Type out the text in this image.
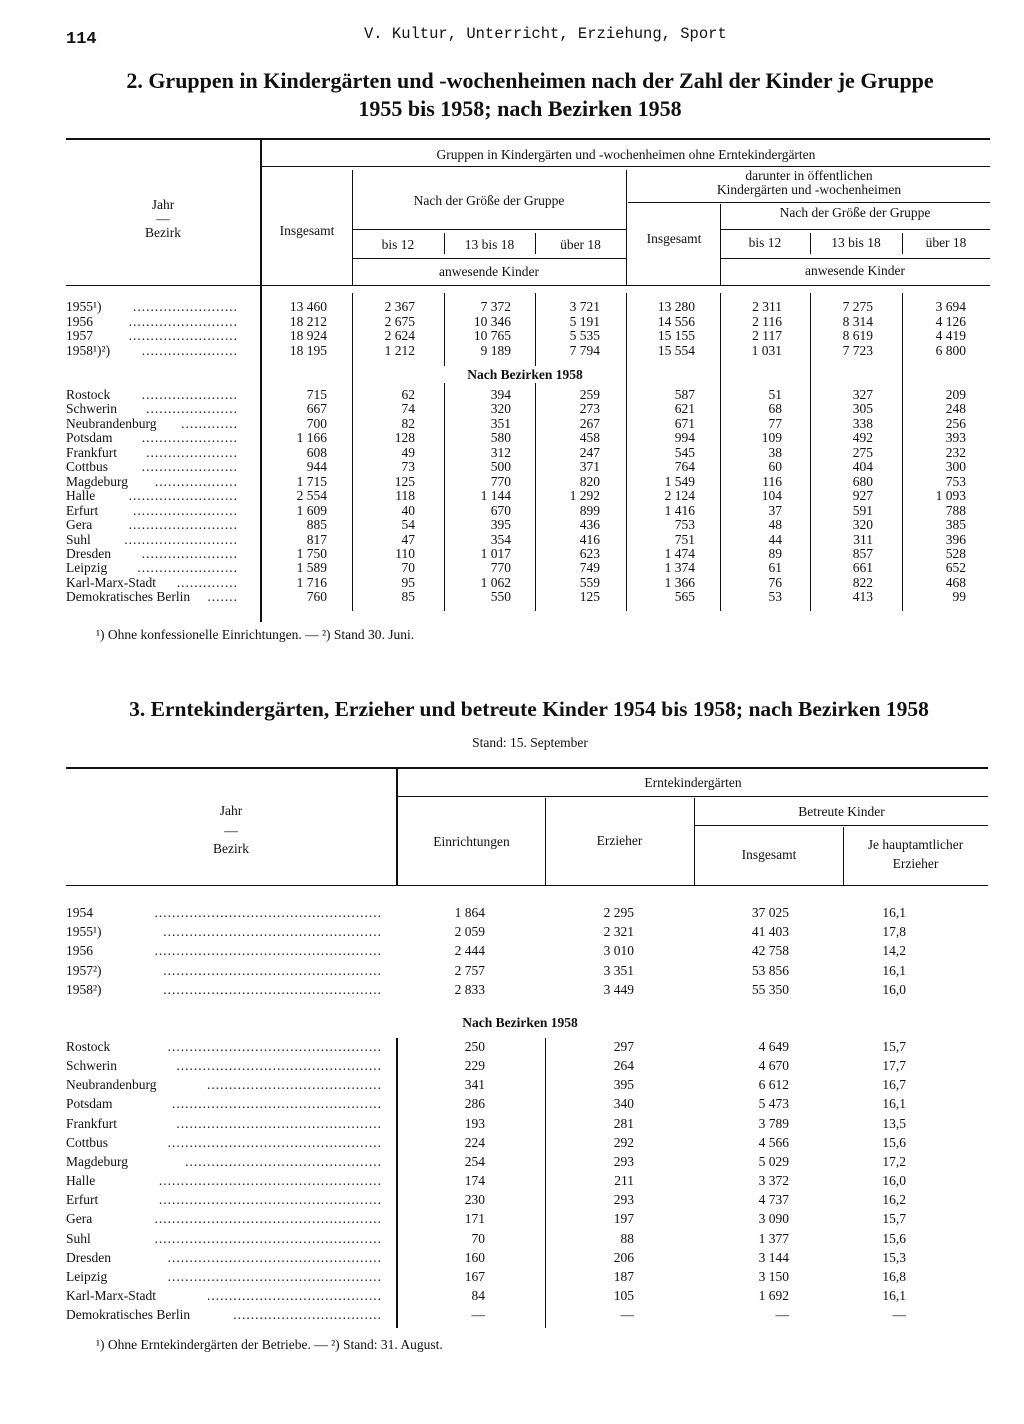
114	V. Kultur, Unterricht, Erziehung, Sport
2. Gruppen in Kindergärten und -wochenheimen nach der Zahl der Kinder je Gruppe
1955 bis 1958; nach Bezirken 1958
Jahr
—
Bezirk
Gruppen in Kindergärten und -wochenheimen ohne Erntekindergärten
Insgesamt
Nach der Größe der Gruppe
bis 12	13 bis 18	über 18
anwesende Kinder
darunter in öffentlichen
Kindergärten und -wochenheimen
Insgesamt
Nach der Größe der Gruppe
bis 12	13 bis 18	über 18
anwesende Kinder
Nach Bezirken 1958
1955¹)	........................	13 460	2 367	7 372	3 721	13 280	2 311	7 275	3 694
1956	.........................	18 212	2 675	10 346	5 191	14 556	2 116	8 314	4 126
1957	.........................	18 924	2 624	10 765	5 535	15 155	2 117	8 619	4 419
1958¹)²)	......................	18 195	1 212	9 189	7 794	15 554	1 031	7 723	6 800
Rostock	......................	715	62	394	259	587	51	327	209
Schwerin	.....................	667	74	320	273	621	68	305	248
Neubrandenburg	.............	700	82	351	267	671	77	338	256
Potsdam	......................	1 166	128	580	458	994	109	492	393
Frankfurt	.....................	608	49	312	247	545	38	275	232
Cottbus	......................	944	73	500	371	764	60	404	300
Magdeburg	...................	1 715	125	770	820	1 549	116	680	753
Halle	.........................	2 554	118	1 144	1 292	2 124	104	927	1 093
Erfurt	........................	1 609	40	670	899	1 416	37	591	788
Gera	.........................	885	54	395	436	753	48	320	385
Suhl	..........................	817	47	354	416	751	44	311	396
Dresden	......................	1 750	110	1 017	623	1 474	89	857	528
Leipzig	.......................	1 589	70	770	749	1 374	61	661	652
Karl-Marx-Stadt	..............	1 716	95	1 062	559	1 366	76	822	468
Demokratisches Berlin	.......	760	85	550	125	565	53	413	99
¹) Ohne konfessionelle Einrichtungen. — ²) Stand 30. Juni.
3. Erntekindergärten, Erzieher und betreute Kinder 1954 bis 1958; nach Bezirken 1958
Stand: 15. September
Jahr
—
Bezirk
Erntekindergärten
Einrichtungen	Erzieher
Betreute Kinder
Insgesamt
Je hauptamtlicher
Erzieher
Nach Bezirken 1958
1954	....................................................	1 864	2 295	37 025	16,1
1955¹)	..................................................	2 059	2 321	41 403	17,8
1956	....................................................	2 444	3 010	42 758	14,2
1957²)	..................................................	2 757	3 351	53 856	16,1
1958²)	..................................................	2 833	3 449	55 350	16,0
Rostock	.................................................	250	297	4 649	15,7
Schwerin	...............................................	229	264	4 670	17,7
Neubrandenburg	........................................	341	395	6 612	16,7
Potsdam	................................................	286	340	5 473	16,1
Frankfurt	...............................................	193	281	3 789	13,5
Cottbus	.................................................	224	292	4 566	15,6
Magdeburg	.............................................	254	293	5 029	17,2
Halle	...................................................	174	211	3 372	16,0
Erfurt	...................................................	230	293	4 737	16,2
Gera	....................................................	171	197	3 090	15,7
Suhl	....................................................	70	88	1 377	15,6
Dresden	.................................................	160	206	3 144	15,3
Leipzig	.................................................	167	187	3 150	16,8
Karl-Marx-Stadt	........................................	84	105	1 692	16,1
Demokratisches Berlin	..................................	—	—	—	—
¹) Ohne Erntekindergärten der Betriebe. — ²) Stand: 31. August.
